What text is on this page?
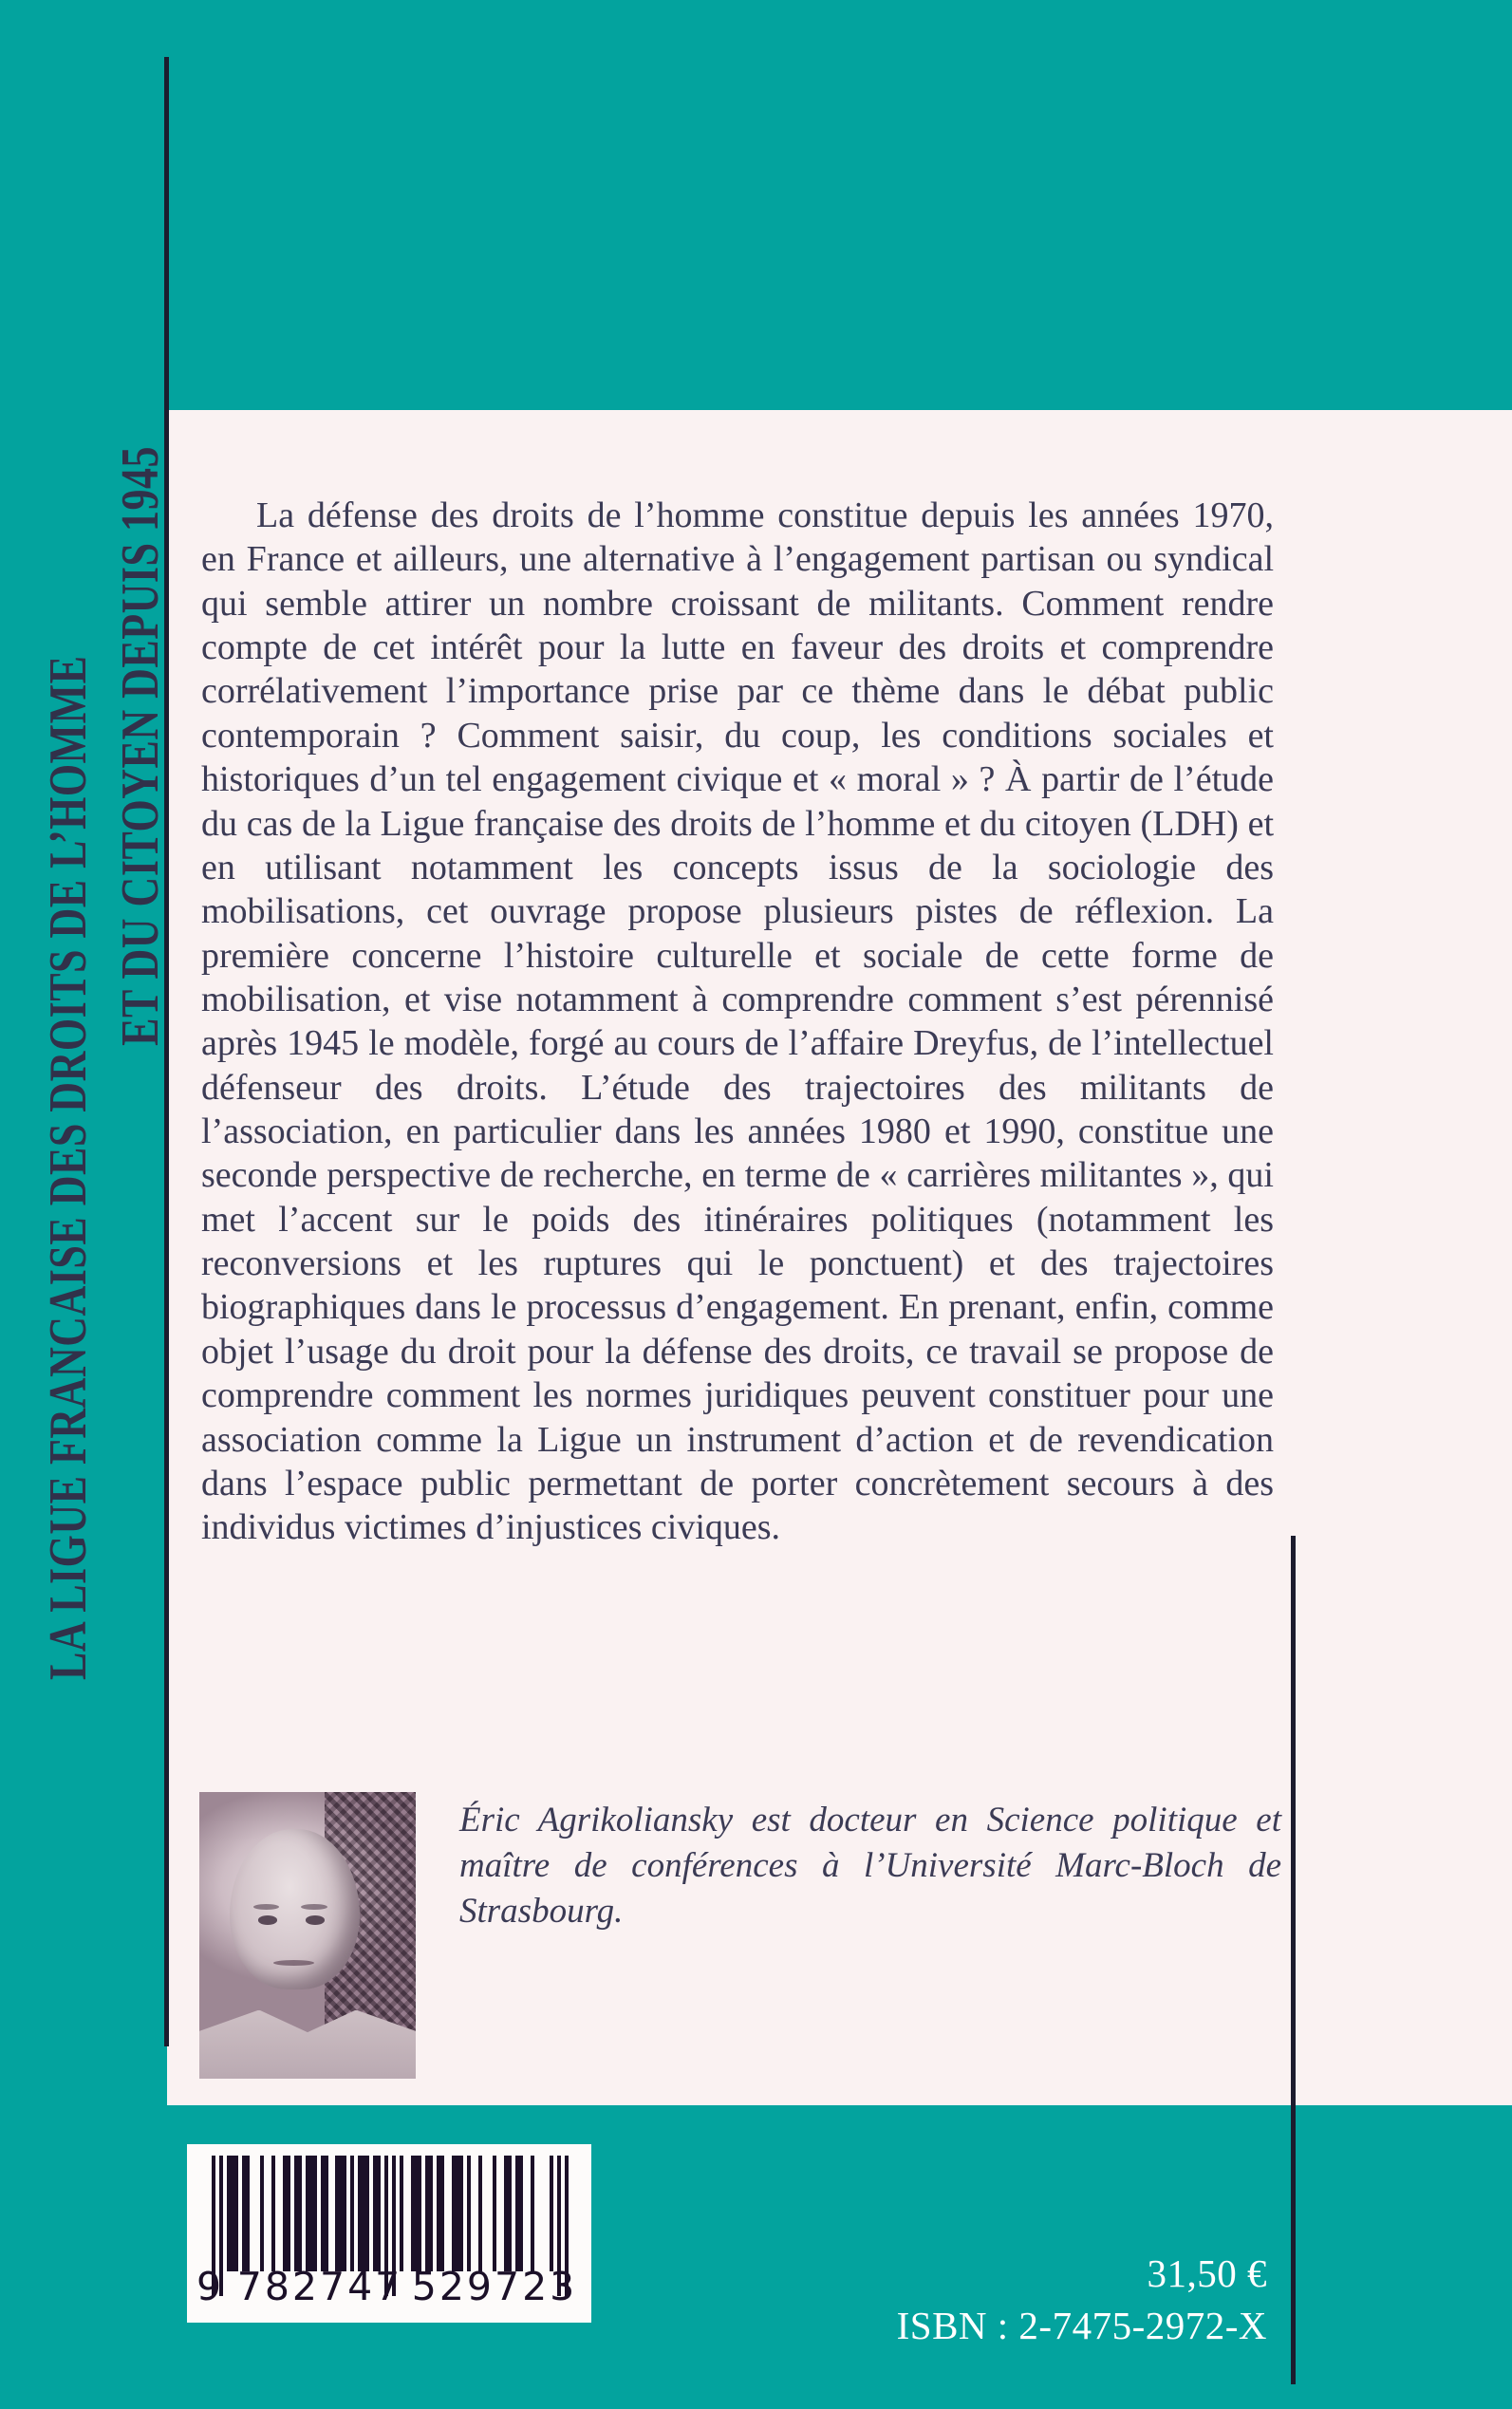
LA LIGUE FRANCAISE DES DROITS DE L’HOMME ET DU CITOYEN DEPUIS 1945	La défense des droits de l’homme constitue depuis les années 1970, en France et ailleurs, une alternative à l’engagement partisan ou syndical qui semble attirer un nombre croissant de militants. Comment rendre compte de cet intérêt pour la lutte en faveur des droits et comprendre corrélativement l’importance prise par ce thème dans le débat public contemporain ? Comment saisir, du coup, les conditions sociales et historiques d’un tel engagement civique et « moral » ? À partir de l’étude du cas de la Ligue française des droits de l’homme et du citoyen (LDH) et en utilisant notamment les concepts issus de la sociologie des mobilisations, cet ouvrage propose plusieurs pistes de réflexion. La première concerne l’histoire culturelle et sociale de cette forme de mobilisation, et vise notamment à comprendre comment s’est pérennisé après 1945 le modèle, forgé au cours de l’affaire Dreyfus, de l’intellectuel défenseur des droits. L’étude des trajectoires des militants de l’association, en particulier dans les années 1980 et 1990, constitue une seconde perspective de recherche, en terme de « carrières militantes », qui met l’accent sur le poids des itinéraires politiques (notamment les reconversions et les ruptures qui le ponctuent) et des trajectoires biographiques dans le processus d’engagement. En prenant, enfin, comme objet l’usage du droit pour la défense des droits, ce travail se propose de comprendre comment les normes juridiques peuvent constituer pour une association comme la Ligue un instrument d’action et de revendication dans l’espace public permettant de porter concrètement secours à des individus victimes d’injustices civiques.

Éric Agrikoliansky est docteur en Science politique et maître de conférences à l’Université Marc-Bloch de Strasbourg.
9 782747 529723	31,50 €
ISBN : 2-7475-2972-X
